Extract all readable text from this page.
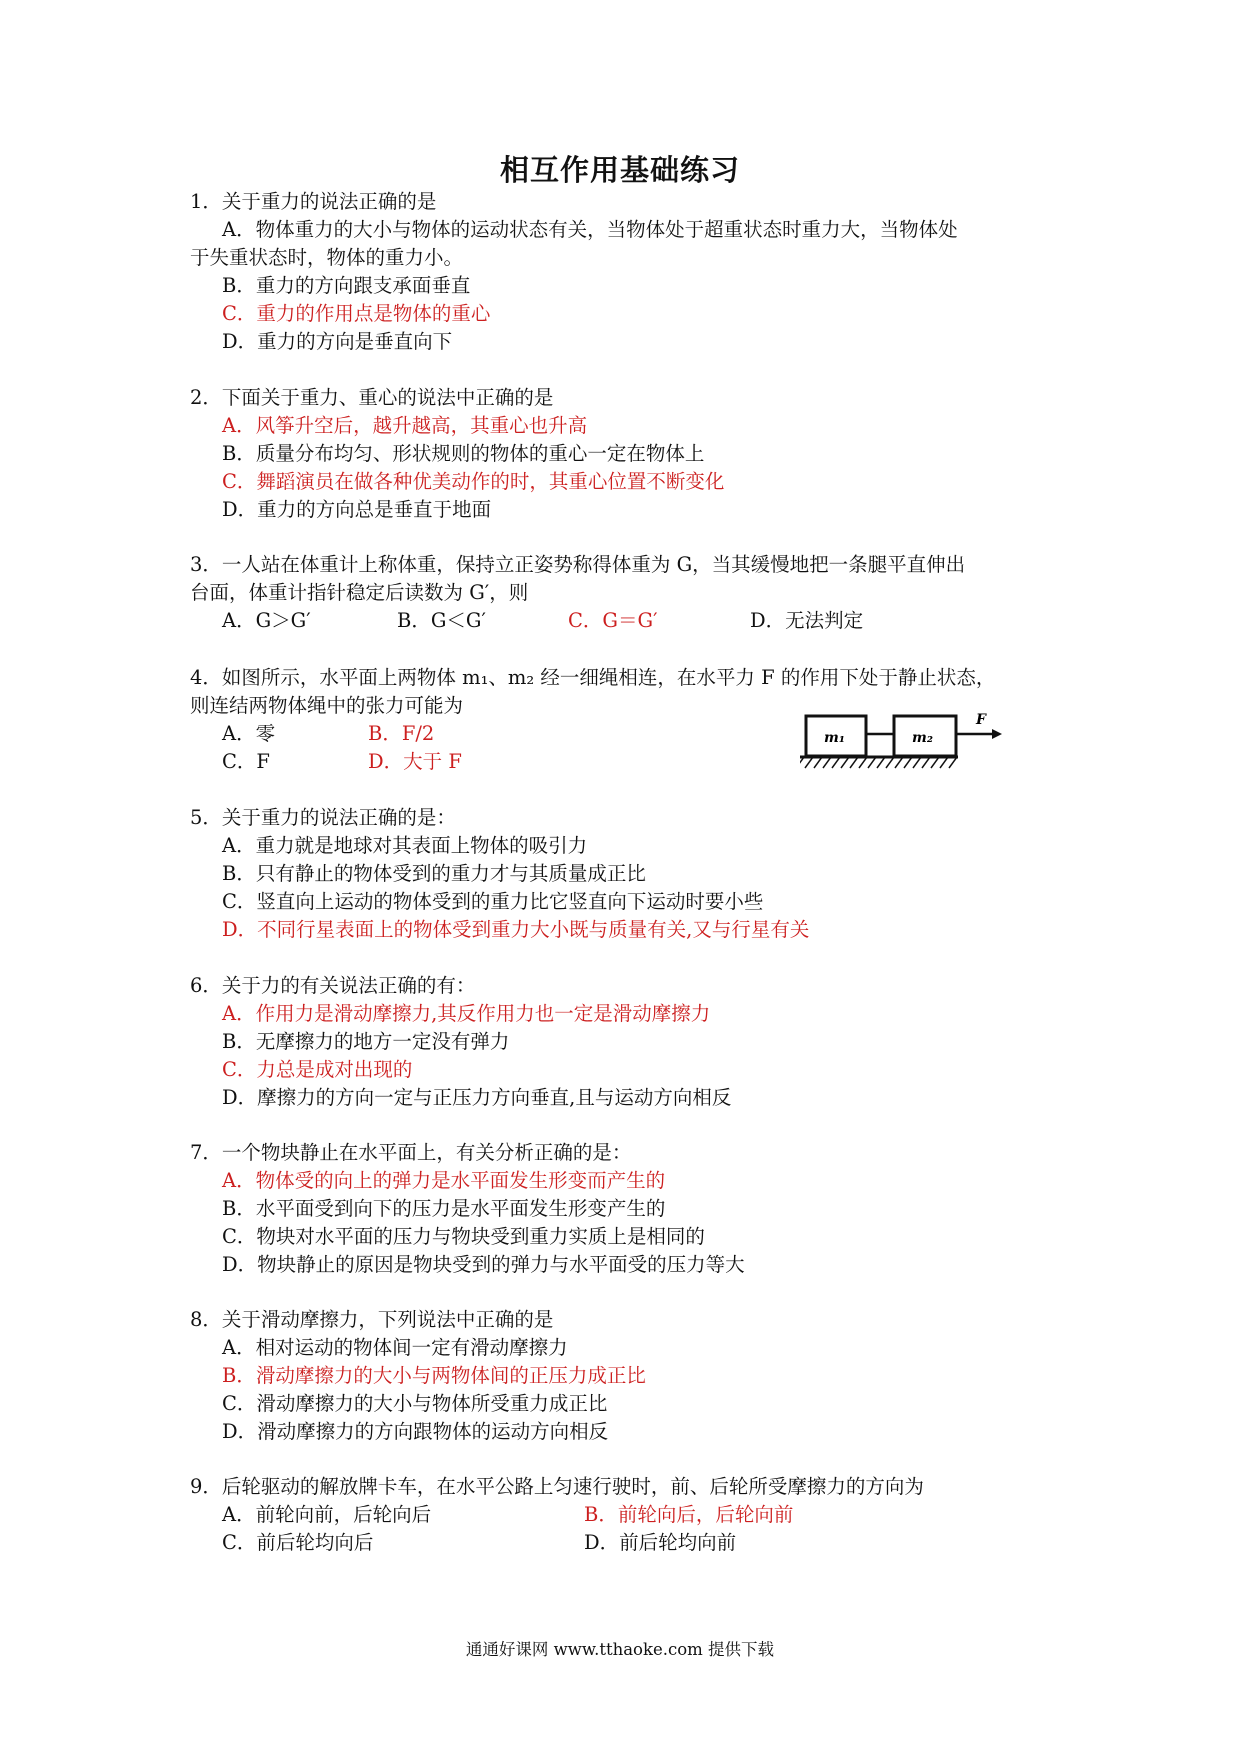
相互作用基础练习
1．关于重力的说法正确的是
A．物体重力的大小与物体的运动状态有关，当物体处于超重状态时重力大，当物体处
于失重状态时，物体的重力小。
B．重力的方向跟支承面垂直
C．重力的作用点是物体的重心
D．重力的方向是垂直向下
2．下面关于重力、重心的说法中正确的是
A．风筝升空后，越升越高，其重心也升高
B．质量分布均匀、形状规则的物体的重心一定在物体上
C．舞蹈演员在做各种优美动作的时，其重心位置不断变化
D．重力的方向总是垂直于地面
3．一人站在体重计上称体重，保持立正姿势称得体重为 G，当其缓慢地把一条腿平直伸出
台面，体重计指针稳定后读数为 G′，则
A．G＞G′	B．G＜G′	C．G＝G′	D．无法判定
4．如图所示，水平面上两物体 m₁、m₂ 经一细绳相连，在水平力 F 的作用下处于静止状态，
则连结两物体绳中的张力可能为
A．零	B．F/2
C．F	D．大于 F
F
m₁	m₂
5．关于重力的说法正确的是：
A．重力就是地球对其表面上物体的吸引力
B．只有静止的物体受到的重力才与其质量成正比
C．竖直向上运动的物体受到的重力比它竖直向下运动时要小些
D．不同行星表面上的物体受到重力大小既与质量有关,又与行星有关
6．关于力的有关说法正确的有：
A．作用力是滑动摩擦力,其反作用力也一定是滑动摩擦力
B．无摩擦力的地方一定没有弹力
C．力总是成对出现的
D．摩擦力的方向一定与正压力方向垂直,且与运动方向相反
7．一个物块静止在水平面上，有关分析正确的是：
A．物体受的向上的弹力是水平面发生形变而产生的
B．水平面受到向下的压力是水平面发生形变产生的
C．物块对水平面的压力与物块受到重力实质上是相同的
D．物块静止的原因是物块受到的弹力与水平面受的压力等大
8．关于滑动摩擦力，下列说法中正确的是
A．相对运动的物体间一定有滑动摩擦力
B．滑动摩擦力的大小与两物体间的正压力成正比
C．滑动摩擦力的大小与物体所受重力成正比
D．滑动摩擦力的方向跟物体的运动方向相反
9．后轮驱动的解放牌卡车，在水平公路上匀速行驶时，前、后轮所受摩擦力的方向为
A．前轮向前，后轮向后	B．前轮向后，后轮向前
C．前后轮均向后	D．前后轮均向前
通通好课网 www.tthaoke.com 提供下载
